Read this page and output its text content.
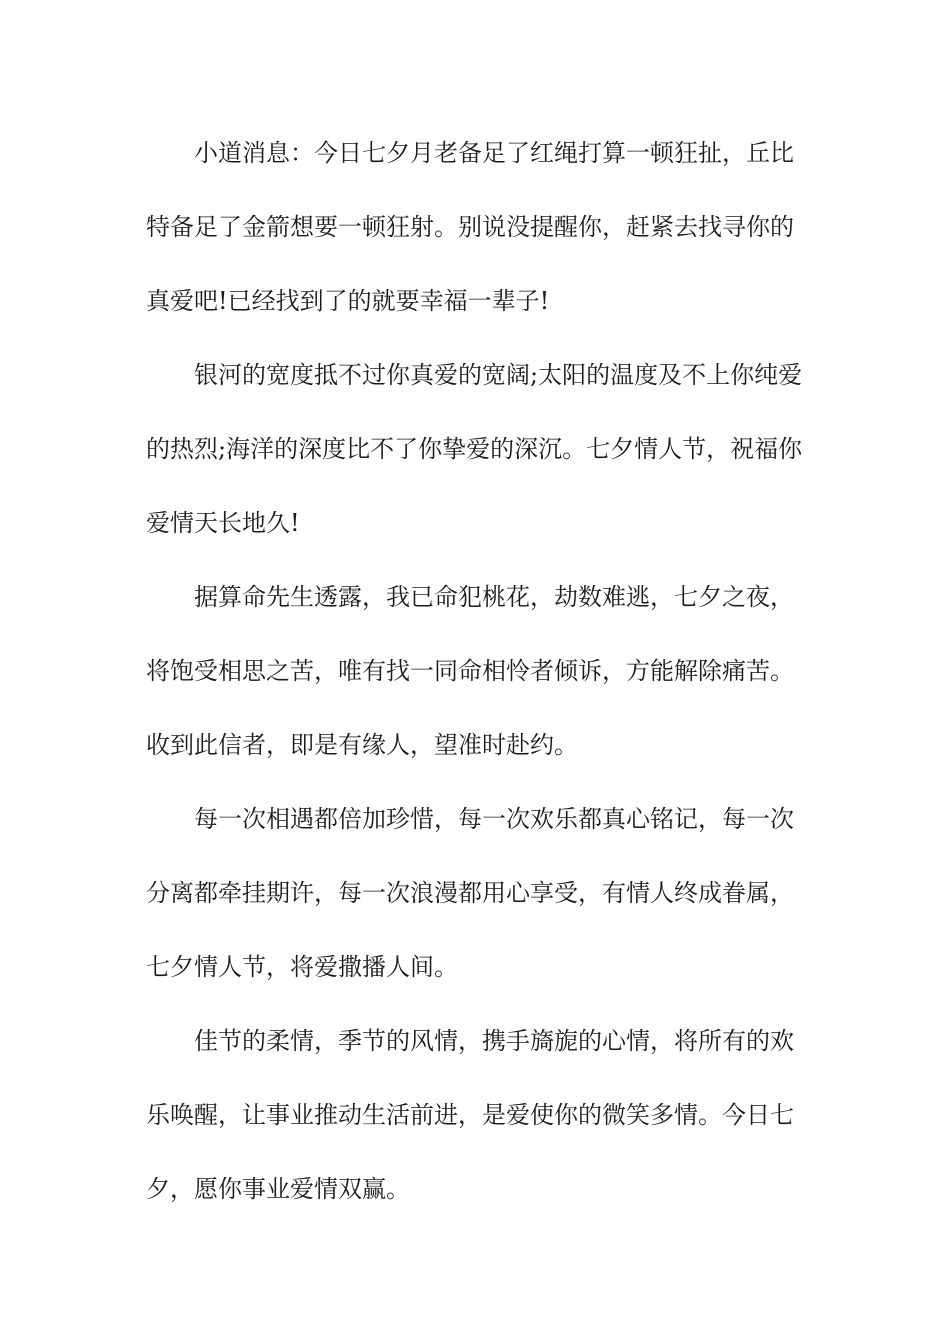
小道消息：今日七夕月老备足了红绳打算一顿狂扯，丘比
特备足了金箭想要一顿狂射。别说没提醒你，赶紧去找寻你的
真爱吧!已经找到了的就要幸福一辈子!

银河的宽度抵不过你真爱的宽阔;太阳的温度及不上你纯爱
的热烈;海洋的深度比不了你挚爱的深沉。七夕情人节，祝福你
爱情天长地久!

据算命先生透露，我已命犯桃花，劫数难逃，七夕之夜，
将饱受相思之苦，唯有找一同命相怜者倾诉，方能解除痛苦。
收到此信者，即是有缘人，望准时赴约。

每一次相遇都倍加珍惜，每一次欢乐都真心铭记，每一次
分离都牵挂期许，每一次浪漫都用心享受，有情人终成眷属，
七夕情人节，将爱撒播人间。

佳节的柔情，季节的风情，携手旖旎的心情，将所有的欢
乐唤醒，让事业推动生活前进，是爱使你的微笑多情。今日七
夕，愿你事业爱情双赢。
